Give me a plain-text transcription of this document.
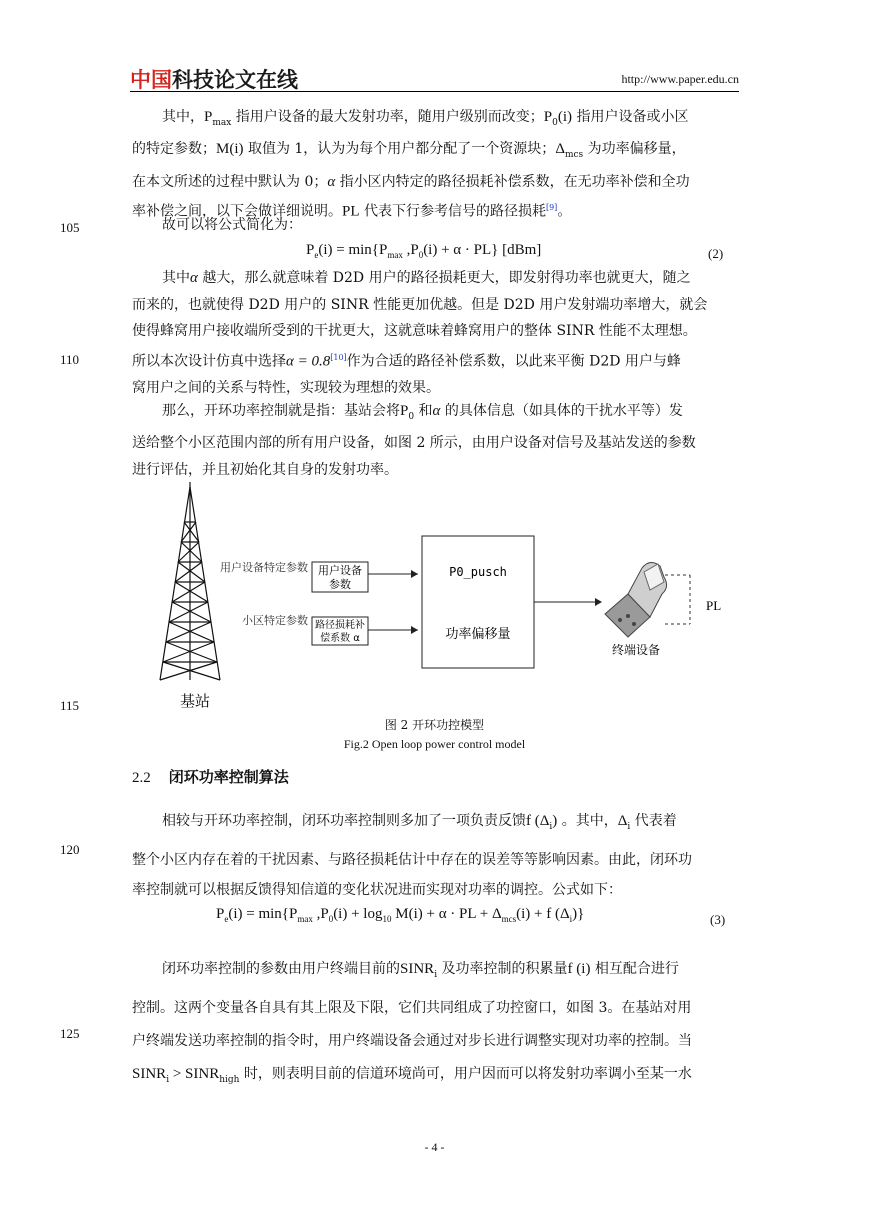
中国科技论文在线	http://www.paper.edu.cn
其中，$P_{max}$ 指用户设备的最大发射功率，随用户级别而改变；$P_0(i)$ 指用户设备或小区
的特定参数；M(i) 取值为 1，认为为每个用户都分配了一个资源块；$\Delta_{mcs}$ 为功率偏移量，
在本文所述的过程中默认为 0；α 指小区内特定的路径损耗补偿系数，在无功率补偿和全功
率补偿之间，以下会做详细说明。PL 代表下行参考信号的路径损耗[9]。
105	故可以将公式简化为：
$P_e(i) = \min\{P_{max}$ $,P_0(i) + \alpha \cdot PL$} [dBm]	(2)
其中α 越大，那么就意味着 D2D 用户的路径损耗更大，即发射得功率也就更大，随之
而来的，也就使得 D2D 用户的 SINR 性能更加优越。但是 D2D 用户发射端功率增大，就会
使得蜂窝用户接收端所受到的干扰更大，这就意味着蜂窝用户的整体 SINR 性能不太理想。
所以本次设计仿真中选择α = 0.8[10]作为合适的路径补偿系数，以此来平衡 D2D 用户与蜂
窝用户之间的关系与特性，实现较为理想的效果。
110
那么，开环功率控制就是指：基站会将$P_0$ 和α 的具体信息（如具体的干扰水平等）发
送给整个小区范围内部的所有用户设备，如图 2 所示，由用户设备对信号及基站发送的参数
进行评估，并且初始化其自身的发射功率。
基站
用户设备特定参数 用户设备
参数
小区特定参数 路径损耗补
偿系数 α
P0_pusch
功率偏移量
终端设备
PL
115
图 2 开环功控模型
Fig.2 Open loop power control model
2.2 闭环功率控制算法
相较与开环功率控制，闭环功率控制则多加了一项负责反馈f $(\Delta_i)$ 。其中，$\Delta_i$ 代表着
整个小区内存在着的干扰因素、与路径损耗估计中存在的误差等等影响因素。由此，闭环功
率控制就可以根据反馈得知信道的变化状况进而实现对功率的调控。公式如下：
120
$P_e(i) = \min\{P_{max}$ $,P_0(i) + \log_{10} M(i) + \alpha$ · PL + $\Delta_{mcs}(i) + f$ $(\Delta_i)$}	(3)
闭环功率控制的参数由用户终端目前的$SINR_i$ 及功率控制的积累量f (i) 相互配合进行
控制。这两个变量各自具有其上限及下限，它们共同组成了功控窗口，如图 3。在基站对用
户终端发送功率控制的指令时，用户终端设备会通过对步长进行调整实现对功率的控制。当
$SINR_i$ > $SINR_{high}$ 时，则表明目前的信道环境尚可，用户因而可以将发射功率调小至某一水
125
- 4 -
